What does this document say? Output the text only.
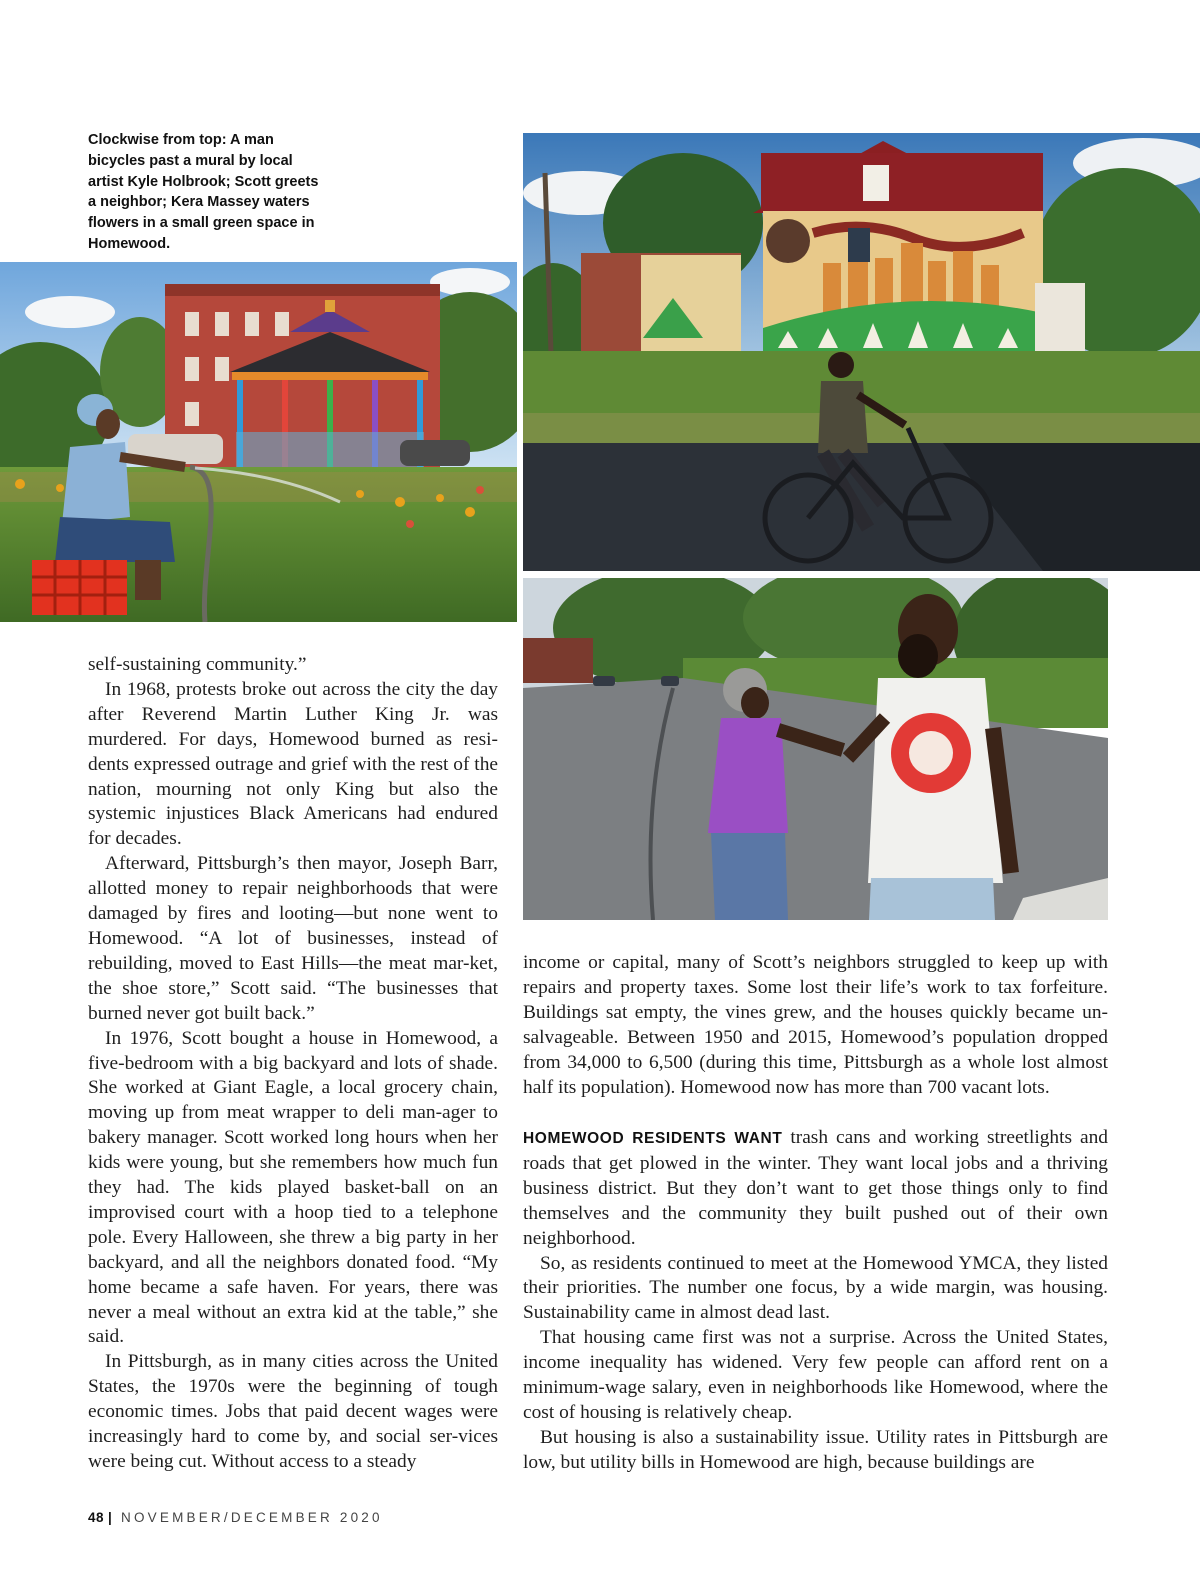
Clockwise from top: A man bicycles past a mural by local artist Kyle Holbrook; Scott greets a neighbor; Kera Massey waters flowers in a small green space in Homewood.

self-sustaining community.”

In 1968, protests broke out across the city the day after Reverend Martin Luther King Jr. was murdered. For days, Homewood burned as resi-dents expressed outrage and grief with the rest of the nation, mourning not only King but also the systemic injustices Black Americans had endured for decades.

Afterward, Pittsburgh’s then mayor, Joseph Barr, allotted money to repair neighborhoods that were damaged by fires and looting—but none went to Homewood. “A lot of businesses, instead of rebuilding, moved to East Hills—the meat mar-ket, the shoe store,” Scott said. “The businesses that burned never got built back.”

In 1976, Scott bought a house in Homewood, a five-bedroom with a big backyard and lots of shade. She worked at Giant Eagle, a local grocery chain, moving up from meat wrapper to deli man-ager to bakery manager. Scott worked long hours when her kids were young, but she remembers how much fun they had. The kids played basket-ball on an improvised court with a hoop tied to a telephone pole. Every Halloween, she threw a big party in her backyard, and all the neighbors donated food. “My home became a safe haven. For years, there was never a meal without an extra kid at the table,” she said.

In Pittsburgh, as in many cities across the United States, the 1970s were the beginning of tough economic times. Jobs that paid decent wages were increasingly hard to come by, and social ser-vices were being cut. Without access to a steady

income or capital, many of Scott’s neighbors struggled to keep up with repairs and property taxes. Some lost their life’s work to tax forfeiture. Buildings sat empty, the vines grew, and the houses quickly became un-salvageable. Between 1950 and 2015, Homewood’s population dropped from 34,000 to 6,500 (during this time, Pittsburgh as a whole lost almost half its population). Homewood now has more than 700 vacant lots.

HOMEWOOD RESIDENTS WANT trash cans and working streetlights and roads that get plowed in the winter. They want local jobs and a thriving business district. But they don’t want to get those things only to find themselves and the community they built pushed out of their own neighborhood.

So, as residents continued to meet at the Homewood YMCA, they listed their priorities. The number one focus, by a wide margin, was housing. Sustainability came in almost dead last.

That housing came first was not a surprise. Across the United States, income inequality has widened. Very few people can afford rent on a minimum-wage salary, even in neighborhoods like Homewood, where the cost of housing is relatively cheap.

But housing is also a sustainability issue. Utility rates in Pittsburgh are low, but utility bills in Homewood are high, because buildings are

48 | NOVEMBER/DECEMBER 2020
